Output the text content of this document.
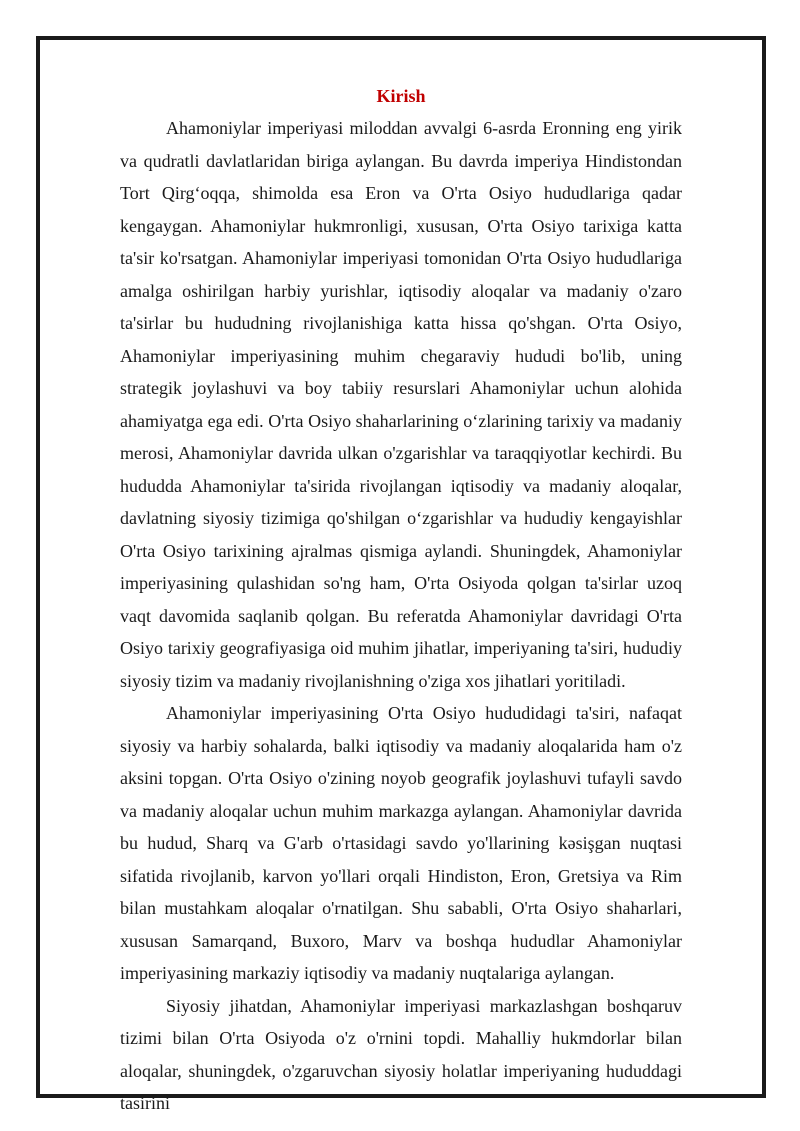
Kirish

Ahamoniylar imperiyasi miloddan avvalgi 6-asrda Eronning eng yirik va qudratli davlatlaridan biriga aylangan. Bu davrda imperiya Hindistondan Tort Qirg‘oqqa, shimolda esa Eron va O'rta Osiyo hududlariga qadar kengaygan. Ahamoniylar hukmronligi, xususan, O'rta Osiyo tarixiga katta ta'sir ko'rsatgan. Ahamoniylar imperiyasi tomonidan O'rta Osiyo hududlariga amalga oshirilgan harbiy yurishlar, iqtisodiy aloqalar va madaniy o'zaro ta'sirlar bu hududning rivojlanishiga katta hissa qo'shgan. O'rta Osiyo, Ahamoniylar imperiyasining muhim chegaraviy hududi bo'lib, uning strategik joylashuvi va boy tabiiy resurslari Ahamoniylar uchun alohida ahamiyatga ega edi. O'rta Osiyo shaharlarining o‘zlarining tarixiy va madaniy merosi, Ahamoniylar davrida ulkan o'zgarishlar va taraqqiyotlar kechirdi. Bu hududda Ahamoniylar ta'sirida rivojlangan iqtisodiy va madaniy aloqalar, davlatning siyosiy tizimiga qo'shilgan o‘zgarishlar va hududiy kengayishlar O'rta Osiyo tarixining ajralmas qismiga aylandi. Shuningdek, Ahamoniylar imperiyasining qulashidan so'ng ham, O'rta Osiyoda qolgan ta'sirlar uzoq vaqt davomida saqlanib qolgan. Bu referatda Ahamoniylar davridagi O'rta Osiyo tarixiy geografiyasiga oid muhim jihatlar, imperiyaning ta'siri, hududiy siyosiy tizim va madaniy rivojlanishning o'ziga xos jihatlari yoritiladi.

Ahamoniylar imperiyasining O'rta Osiyo hududidagi ta'siri, nafaqat siyosiy va harbiy sohalarda, balki iqtisodiy va madaniy aloqalarida ham o'z aksini topgan. O'rta Osiyo o'zining noyob geografik joylashuvi tufayli savdo va madaniy aloqalar uchun muhim markazga aylangan. Ahamoniylar davrida bu hudud, Sharq va G'arb o'rtasidagi savdo yo'llarining kəsişgan nuqtasi sifatida rivojlanib, karvon yo'llari orqali Hindiston, Eron, Gretsiya va Rim bilan mustahkam aloqalar o'rnatilgan. Shu sababli, O'rta Osiyo shaharlari, xususan Samarqand, Buxoro, Marv va boshqa hududlar Ahamoniylar imperiyasining markaziy iqtisodiy va madaniy nuqtalariga aylangan.

Siyosiy jihatdan, Ahamoniylar imperiyasi markazlashgan boshqaruv tizimi bilan O'rta Osiyoda o'z o'rnini topdi. Mahalliy hukmdorlar bilan aloqalar, shuningdek, o'zgaruvchan siyosiy holatlar imperiyaning hududdagi tasirini
